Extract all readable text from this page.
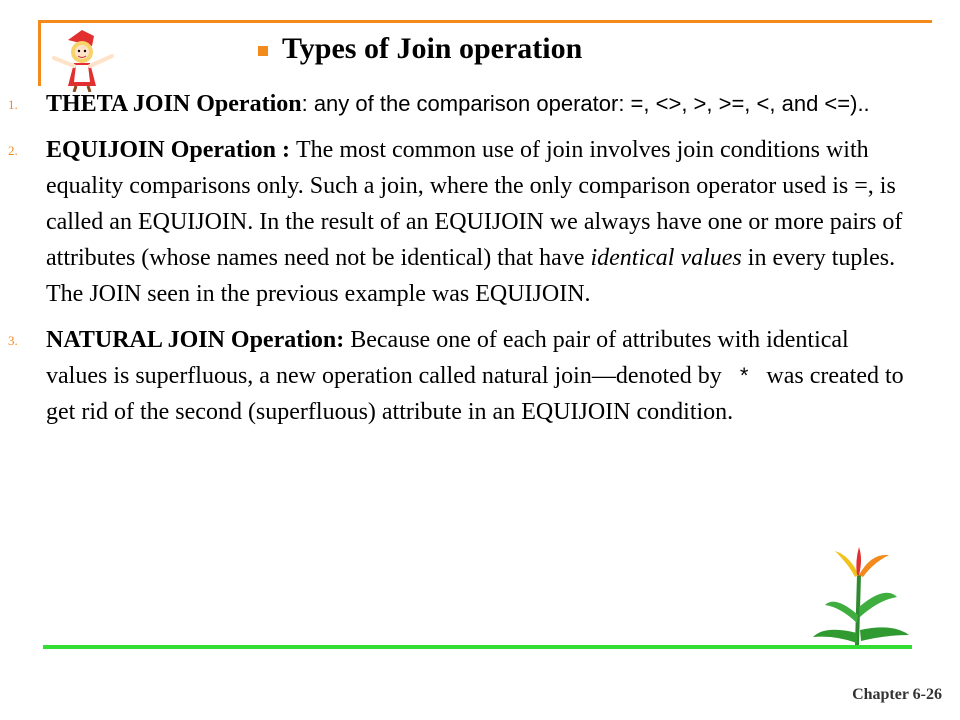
Types of Join operation
1. THETA JOIN Operation: any of the comparison operator: =, <>, >, >=, <, and <=)..
2. EQUIJOIN Operation : The most common use of join involves join conditions with equality comparisons only. Such a join, where the only comparison operator used is =, is called an EQUIJOIN. In the result of an EQUIJOIN we always have one or more pairs of attributes (whose names need not be identical) that have identical values in every tuples. The JOIN seen in the previous example was EQUIJOIN.
3. NATURAL JOIN Operation: Because one of each pair of attributes with identical values is superfluous, a new operation called natural join—denoted by   *   was created to get rid of the second (superfluous) attribute in an EQUIJOIN condition.
Chapter 6-26
